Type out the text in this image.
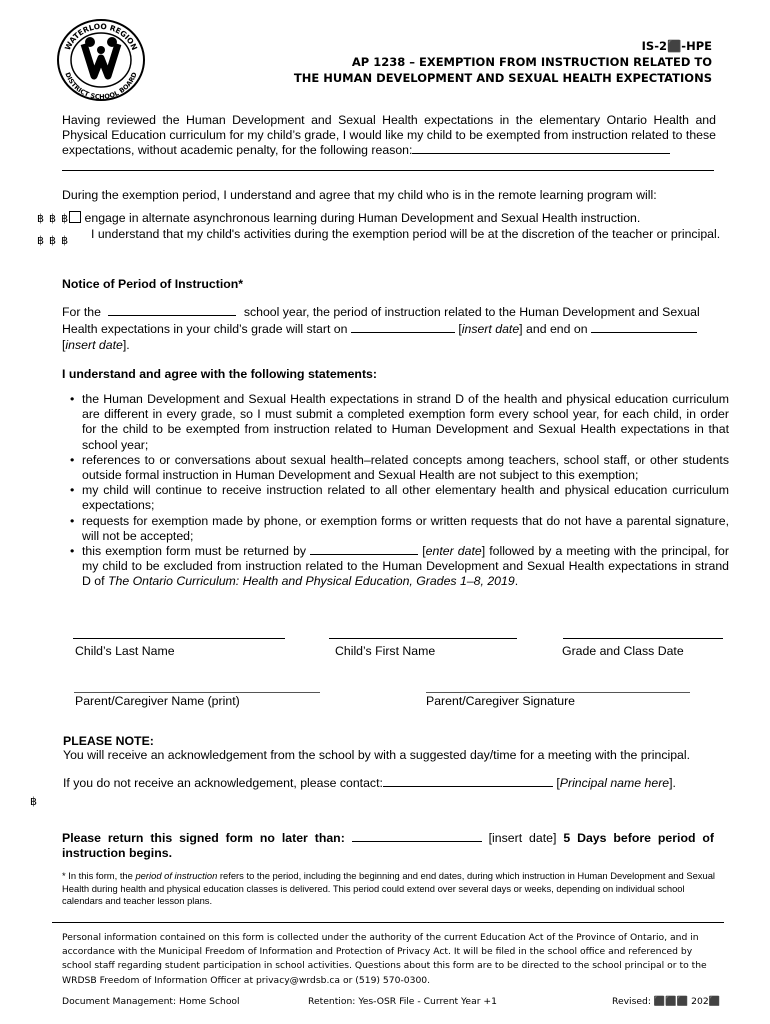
WATERLOO REGION
DISTRICT SCHOOL BOARD
IS-2⬛-HPE
AP 1238 – EXEMPTION FROM INSTRUCTION RELATED TO
THE HUMAN DEVELOPMENT AND SEXUAL HEALTH EXPECTATIONS
Having reviewed the Human Development and Sexual Health expectations in the elementary Ontario Health and Physical Education curriculum for my child’s grade, I would like my child to be exempted from instruction related to these expectations, without academic penalty, for the following reason:
During the exemption period, I understand and agree that my child who is in the remote learning program will:
฿ ฿ ฿ engage in alternate asynchronous learning during Human Development and Sexual Health instruction.
฿ ฿ ฿ I understand that my child's activities during the exemption period will be at the discretion of the teacher or principal.
Notice of Period of Instruction*
For the	school year, the period of instruction related to the Human Development and Sexual
Health expectations in your child’s grade will start on	[insert date] and end on
[insert date].
I understand and agree with the following statements:
• the Human Development and Sexual Health expectations in strand D of the health and physical education curriculum are different in every grade, so I must submit a completed exemption form every school year, for each child, in order for the child to be exempted from instruction related to Human Development and Sexual Health expectations in that school year;
• references to or conversations about sexual health–related concepts among teachers, school staff, or other students outside formal instruction in Human Development and Sexual Health are not subject to this exemption;
• my child will continue to receive instruction related to all other elementary health and physical education curriculum expectations;
• requests for exemption made by phone, or exemption forms or written requests that do not have a parental signature, will not be accepted;
• this exemption form must be returned by	[enter date] followed by a meeting with the principal, for my child to be excluded from instruction related to the Human Development and Sexual Health expectations in strand D of The Ontario Curriculum: Health and Physical Education, Grades 1–8, 2019.
Child’s Last Name	Child’s First Name	Grade and Class Date
Parent/Caregiver Name (print)	Parent/Caregiver Signature
PLEASE NOTE:
You will receive an acknowledgement from the school by with a suggested day/time for a meeting with the principal.
If you do not receive an acknowledgement, please contact:	[Principal name here].
฿
Please return this signed form no later than:	[insert date] 5 Days before period of instruction begins.
* In this form, the period of instruction refers to the period, including the beginning and end dates, during which instruction in Human Development and Sexual Health during health and physical education classes is delivered. This period could extend over several days or weeks, depending on individual school calendars and teacher lesson plans.
Personal information contained on this form is collected under the authority of the current Education Act of the Province of Ontario, and in accordance with the Municipal Freedom of Information and Protection of Privacy Act. It will be filed in the school office and referenced by school staff regarding student participation in school activities. Questions about this form are to be directed to the school principal or to the WRDSB Freedom of Information Officer at privacy@wrdsb.ca or (519) 570-0300.
Document Management: Home School	Retention: Yes-OSR File - Current Year +1	Revised: ⬛⬛⬛ 202⬛
